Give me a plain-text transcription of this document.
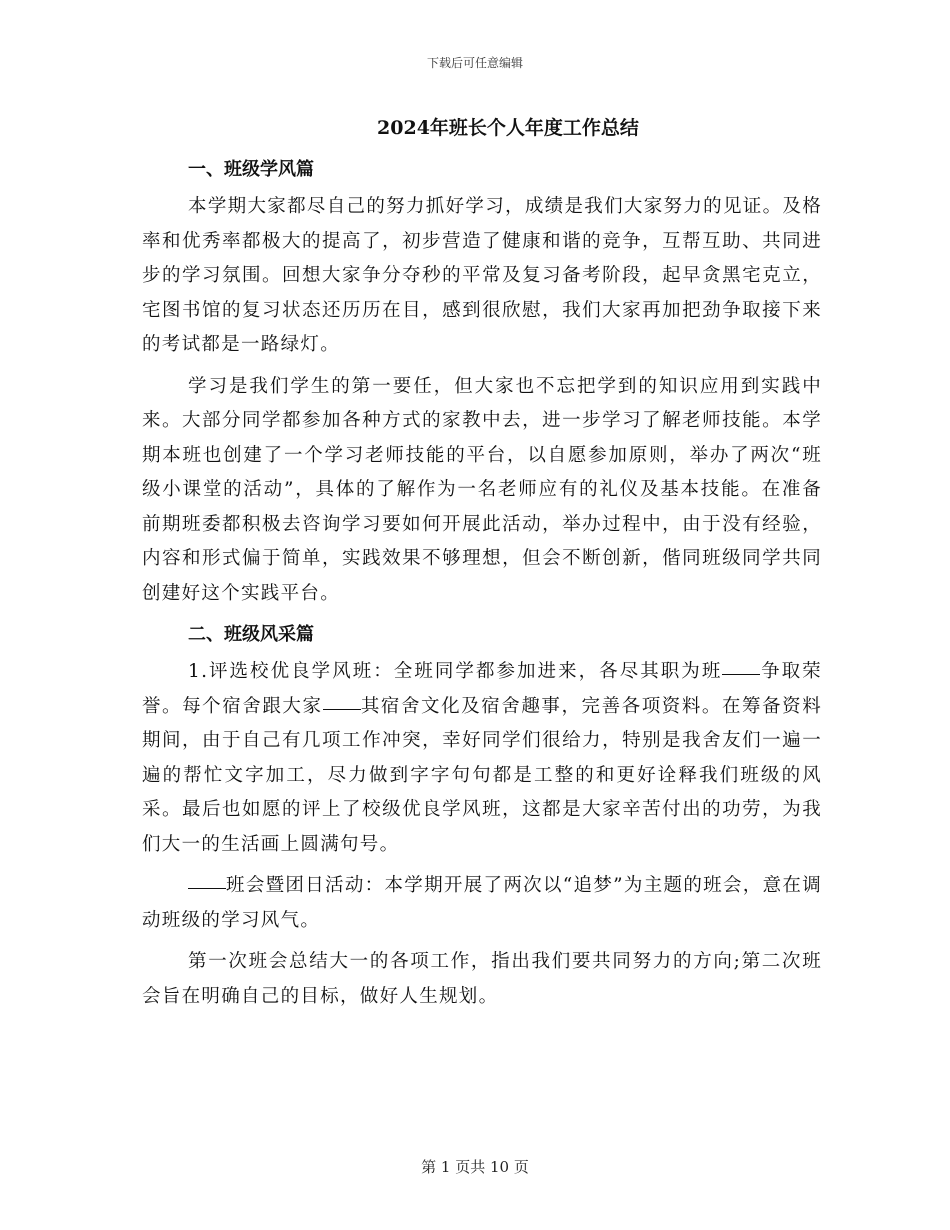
下载后可任意编辑
2024年班长个人年度工作总结
一、班级学风篇

本学期大家都尽自己的努力抓好学习，成绩是我们大家努力的见证。及格率和优秀率都极大的提高了，初步营造了健康和谐的竞争，互帮互助、共同进步的学习氛围。回想大家争分夺秒的平常及复习备考阶段，起早贪黑宅克立，宅图书馆的复习状态还历历在目，感到很欣慰，我们大家再加把劲争取接下来的考试都是一路绿灯。

学习是我们学生的第一要任，但大家也不忘把学到的知识应用到实践中来。大部分同学都参加各种方式的家教中去，进一步学习了解老师技能。本学期本班也创建了一个学习老师技能的平台，以自愿参加原则，举办了两次“班级小课堂的活动”，具体的了解作为一名老师应有的礼仪及基本技能。在准备前期班委都积极去咨询学习要如何开展此活动，举办过程中，由于没有经验，内容和形式偏于简单，实践效果不够理想，但会不断创新，偕同班级同学共同创建好这个实践平台。

二、班级风采篇

1.评选校优良学风班：全班同学都参加进来，各尽其职为班 争取荣誉。每个宿舍跟大家 其宿舍文化及宿舍趣事，完善各项资料。在筹备资料期间，由于自己有几项工作冲突，幸好同学们很给力，特别是我舍友们一遍一遍的帮忙文字加工，尽力做到字字句句都是工整的和更好诠释我们班级的风采。最后也如愿的评上了校级优良学风班，这都是大家辛苦付出的功劳，为我们大一的生活画上圆满句号。

班会暨团日活动：本学期开展了两次以“追梦”为主题的班会，意在调动班级的学习风气。

第一次班会总结大一的各项工作，指出我们要共同努力的方向;第二次班会旨在明确自己的目标，做好人生规划。

第 1 页共 10 页
